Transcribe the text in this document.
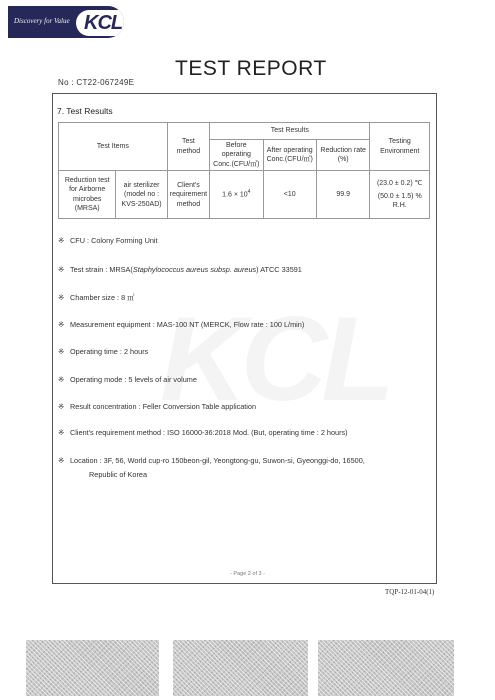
Discovery for Value KCL
No : CT22-067249E
TEST REPORT
7. Test Results
Test Items		Test method	Test Results			Testing Environment
			Before operating Conc.(CFU/㎥)	After operating Conc.(CFU/㎥)	Reduction rate (%)	
Reduction test for Airborne microbes (MRSA)	air sterilizer (model no : KVS-250AD)	Client's requirement method	$1.6 \times 10^4$	<10	99.9	(23.0 ± 0.2) ℃
(50.0 ± 1.5) % R.H.
※ CFU : Colony Forming Unit
※ Test strain : MRSA(Staphylococcus aureus subsp. aureus) ATCC 33591
※ Chamber size : 8 ㎥
※ Measurement equipment : MAS-100 NT (MERCK, Flow rate : 100 L/min)
※ Operating time : 2 hours
※ Operating mode : 5 levels of air volume
※ Result concentration : Feller Conversion Table application
※ Client's requirement method : ISO 16000-36:2018 Mod. (But, operating time : 2 hours)
※ Location : 3F, 56, World cup-ro 150beon-gil, Yeongtong-gu, Suwon-si, Gyeonggi-do, 16500,
Republic of Korea
- Page 2 of 3 -
TQP-12-01-04(1)
